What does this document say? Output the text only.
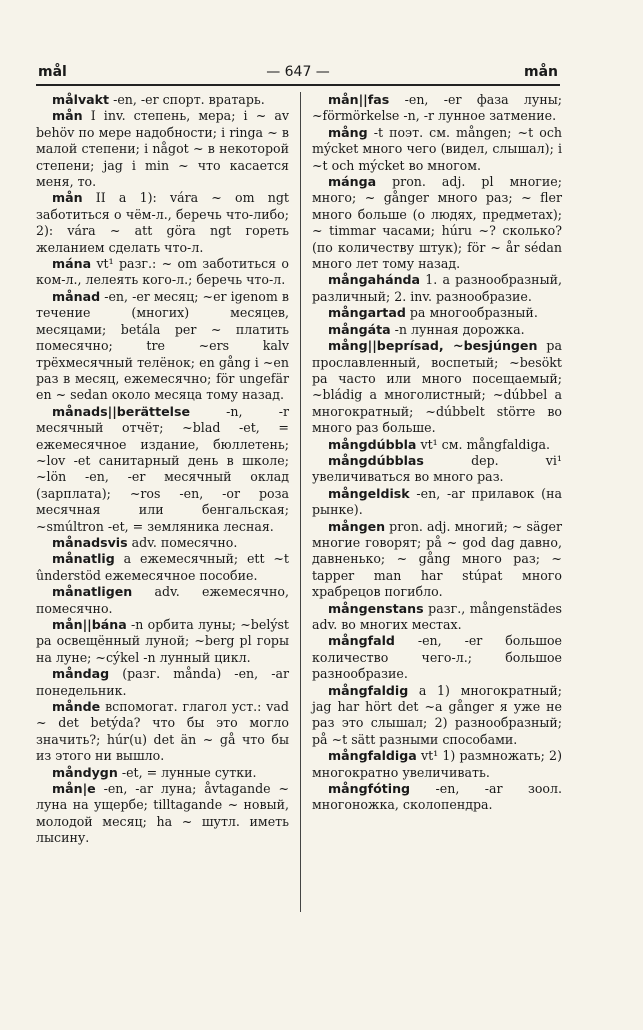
mål	— 647 —	mån

målvakt -en, -er спорт. вратарь.

mån I inv. степень, мера; i ~ av behöv по мере надобности; i ringa ~ в малой степени; i något ~ в некоторой степени; jag i min ~ что касается меня, то.

mån II a 1): vára ~ om ngt заботиться о чём-л., беречь что-либо; 2): vára ~ att göra ngt гореть желанием сделать что-л.

mána vt¹ разг.: ~ om заботиться о ком-л., лелеять кого-л.; беречь что-л.

månad -en, -er месяц; ~er igenom в течение (многих) месяцев, месяцами; betála per ~ платить помесячно; tre ~ers kalv трёхмесячный телёнок; en gång i ~en раз в месяц, ежемесячно; för ungefär en ~ sedan около месяца тому назад.

månads||berättelse	-n, -r месячный отчёт; ~blad -et, = ежемесячное издание, бюллетень; ~lov -et санитарный день в школе; ~lön -en, -er месячный оклад (зарплата); ~ros -en, -or роза месячная или бенгальская; ~smúltron -et, = земляника лесная.

månadsvis adv. помесячно.

månatlig a ежемесячный; ett ~t ûnderstöd ежемесячное пособие.

månatligen adv. ежемесячно, помесячно.

mån||bána -n орбита луны; ~belýst pa освещённый луной; ~berg pl горы на луне; ~cýkel -n лунный цикл.

måndag (разг. månda) -en, -ar понедельник.

månde вспомогат. глагол уст.: vad ~ det betýda? что бы это могло значить?; húr(u) det än ~ gå что бы из этого ни вышло.

måndygn -et, = лунные сутки.

mån|e -en, -ar луна; åvtagande ~ луна на ущербе; tilltagande ~ новый, молодой месяц; ha ~ шутл. иметь лысину.

mån||fas -en, -er фаза луны; ~förmörkelse -n, -r лунное затмение.

mång -t поэт. см. mången; ~t och mýcket много чего (видел, слышал); i ~t och mýcket во многом.

mánga pron. adj. pl многие; много; ~ gånger много раз; ~ fler много больше (о людях, предметах); ~ timmar часами; húru ~? сколько? (по количеству штук); för ~ år sédan много лет тому назад.

mångahánda 1. a разнообразный, различный; 2. inv. разнообразие.

mångartad pa многообразный.

mångáta -n лунная дорожка.

mång||beprísad, ~besjúngen pa прославленный, воспетый; ~besökt pa часто или много посещаемый; ~bládig a многолистный; ~dúbbel a многократный; ~dúbbelt större во много раз больше.

mångdúbbla vt¹ см. mångfaldiga.

mångdúbblas	dep. vi¹ увеличиваться во много раз.

mångeldisk -en, -ar прилавок (на рынке).

mången pron. adj. многий; ~ säger многие говорят; på ~ god dag давно, давненько; ~ gång много раз; ~ tapper man har stúpat много храбрецов погибло.

mångenstans разг., mångenstädes adv. во многих местах.

mångfald -en, -er большое количество чего-л.; большое разнообразие.

mångfaldig a 1) многократный; jag har hört det ~a gånger я уже не раз это слышал; 2) разнообразный; på ~t sätt разными способами.

mångfaldiga vt¹ 1) размножать; 2) многократно увеличивать.

mångfóting -en, -ar зоол. многоножка, сколопендра.
